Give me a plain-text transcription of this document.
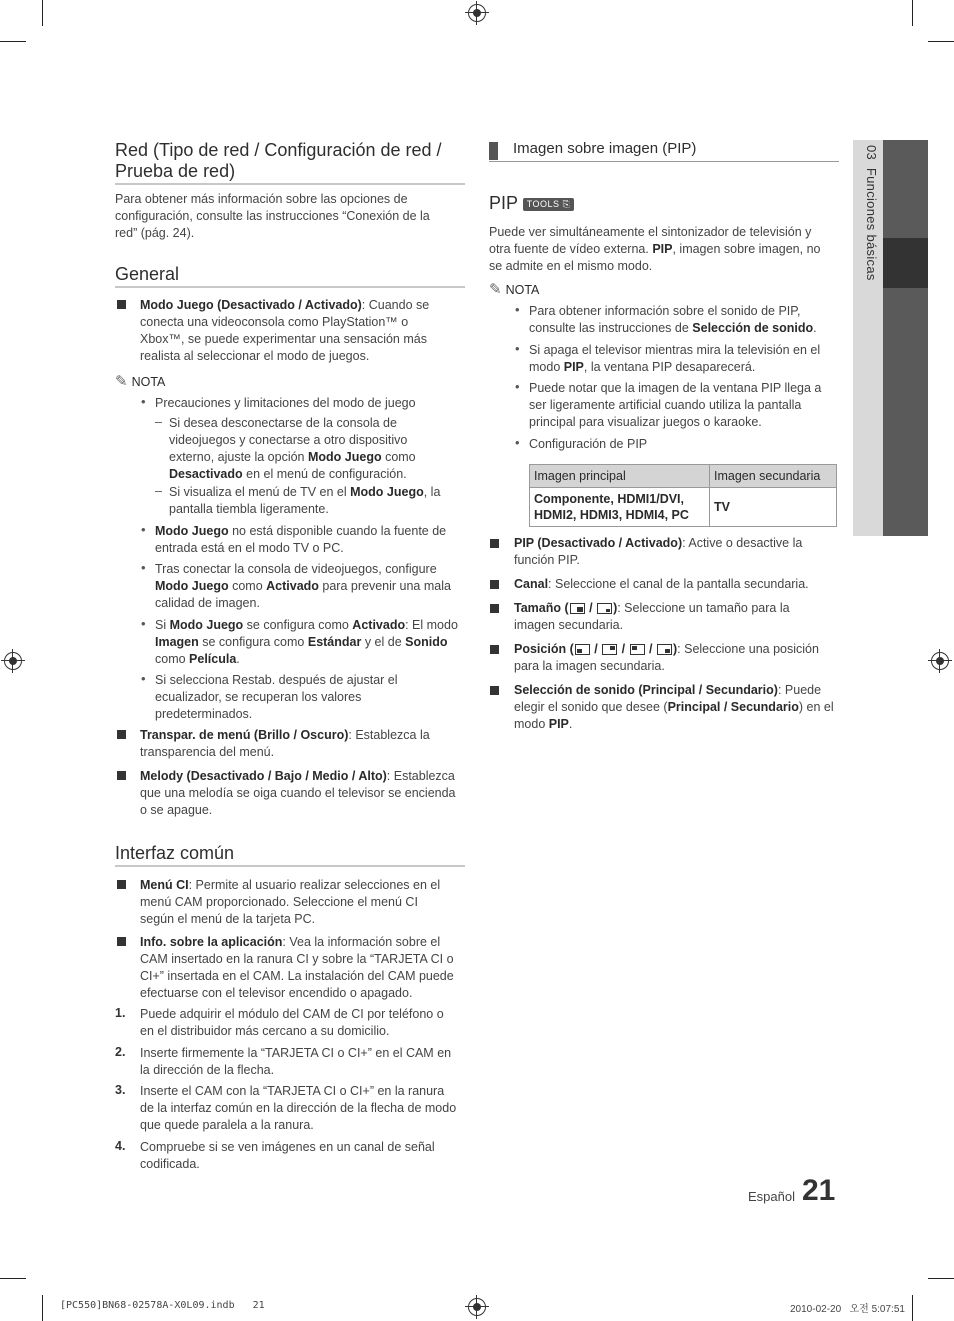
03  Funciones básicas
Red (Tipo de red / Configuración de red / Prueba de red)
Para obtener más información sobre las opciones de configuración, consulte las instrucciones “Conexión de la red” (pág. 24).
General
Modo Juego (Desactivado / Activado): Cuando se conecta una videoconsola como PlayStation™ o Xbox™, se puede experimentar una sensación más realista al seleccionar el modo de juegos.
✎ NOTA
• Precauciones y limitaciones del modo de juego
– Si desea desconectarse de la consola de videojuegos y conectarse a otro dispositivo externo, ajuste la opción Modo Juego como Desactivado en el menú de configuración.
– Si visualiza el menú de TV en el Modo Juego, la pantalla tiembla ligeramente.
• Modo Juego no está disponible cuando la fuente de entrada está en el modo TV o PC.
• Tras conectar la consola de videojuegos, configure Modo Juego como Activado para prevenir una mala calidad de imagen.
• Si Modo Juego se configura como Activado: El modo Imagen se configura como Estándar y el de Sonido como Película.
• Si selecciona Restab. después de ajustar el ecualizador, se recuperan los valores predeterminados.
Transpar. de menú (Brillo / Oscuro): Establezca la transparencia del menú.
Melody (Desactivado / Bajo / Medio / Alto): Establezca que una melodía se oiga cuando el televisor se encienda o se apague.
Interfaz común
Menú CI: Permite al usuario realizar selecciones en el menú CAM proporcionado. Seleccione el menú CI según el menú de la tarjeta PC.
Info. sobre la aplicación: Vea la información sobre el CAM insertado en la ranura CI y sobre la “TARJETA CI o CI+” insertada en el CAM. La instalación del CAM puede efectuarse con el televisor encendido o apagado.
1. Puede adquirir el módulo del CAM de CI por teléfono o en el distribuidor más cercano a su domicilio.
2. Inserte firmemente la “TARJETA CI o CI+” en el CAM en la dirección de la flecha.
3. Inserte el CAM con la “TARJETA CI o CI+” en la ranura de la interfaz común en la dirección de la flecha de modo que quede paralela a la ranura.
4. Compruebe si se ven imágenes en un canal de señal codificada.
Imagen sobre imagen (PIP)
PIP TOOLS ⎘
Puede ver simultáneamente el sintonizador de televisión y otra fuente de vídeo externa. PIP, imagen sobre imagen, no se admite en el mismo modo.
✎ NOTA
• Para obtener información sobre el sonido de PIP, consulte las instrucciones de Selección de sonido.
• Si apaga el televisor mientras mira la televisión en el modo PIP, la ventana PIP desaparecerá.
• Puede notar que la imagen de la ventana PIP llega a ser ligeramente artificial cuando utiliza la pantalla principal para visualizar juegos o karaoke.
• Configuración de PIP
Imagen principal	Imagen secundaria
Componente, HDMI1/DVI, HDMI2, HDMI3, HDMI4, PC	TV
PIP (Desactivado / Activado): Active o desactive la función PIP.
Canal: Seleccione el canal de la pantalla secundaria.
Tamaño (
/
): Seleccione un tamaño para la imagen secundaria.
Posición (
/
/
/
): Seleccione una posición para la imagen secundaria.
Selección de sonido (Principal / Secundario): Puede elegir el sonido que desee (Principal / Secundario) en el modo PIP.
Español 21
[PC550]BN68-02578A-X0L09.indb   21	2010-02-20   오전 5:07:51
